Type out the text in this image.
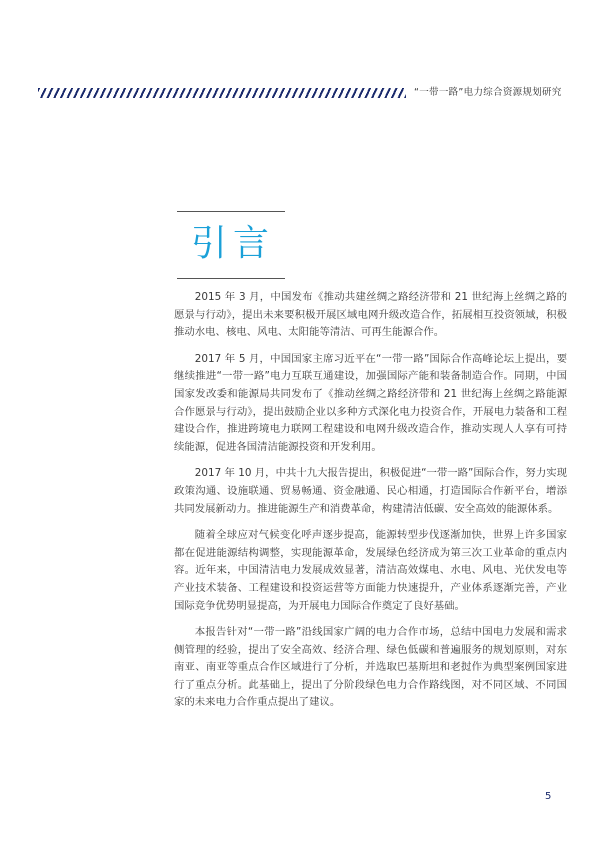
“一带一路”电力综合资源规划研究
引言

2015 年 3 月，中国发布《推动共建丝绸之路经济带和 21 世纪海上丝绸之路的愿景与行动》，提出未来要积极开展区域电网升级改造合作，拓展相互投资领域，积极推动水电、核电、风电、太阳能等清洁、可再生能源合作。

2017 年 5 月，中国国家主席习近平在“一带一路”国际合作高峰论坛上提出，要继续推进“一带一路”电力互联互通建设，加强国际产能和装备制造合作。同期，中国国家发改委和能源局共同发布了《推动丝绸之路经济带和 21 世纪海上丝绸之路能源合作愿景与行动》，提出鼓励企业以多种方式深化电力投资合作，开展电力装备和工程建设合作，推进跨境电力联网工程建设和电网升级改造合作，推动实现人人享有可持续能源，促进各国清洁能源投资和开发利用。

2017 年 10 月，中共十九大报告提出，积极促进“一带一路”国际合作，努力实现政策沟通、设施联通、贸易畅通、资金融通、民心相通，打造国际合作新平台，增添共同发展新动力。推进能源生产和消费革命，构建清洁低碳、安全高效的能源体系。

随着全球应对气候变化呼声逐步提高，能源转型步伐逐渐加快，世界上许多国家都在促进能源结构调整，实现能源革命，发展绿色经济成为第三次工业革命的重点内容。近年来，中国清洁电力发展成效显著，清洁高效煤电、水电、风电、光伏发电等产业技术装备、工程建设和投资运营等方面能力快速提升，产业体系逐渐完善，产业国际竞争优势明显提高，为开展电力国际合作奠定了良好基础。

本报告针对“一带一路”沿线国家广阔的电力合作市场，总结中国电力发展和需求侧管理的经验，提出了安全高效、经济合理、绿色低碳和普遍服务的规划原则，对东南亚、南亚等重点合作区域进行了分析，并选取巴基斯坦和老挝作为典型案例国家进行了重点分析。此基础上，提出了分阶段绿色电力合作路线图，对不同区域、不同国家的未来电力合作重点提出了建议。

5
